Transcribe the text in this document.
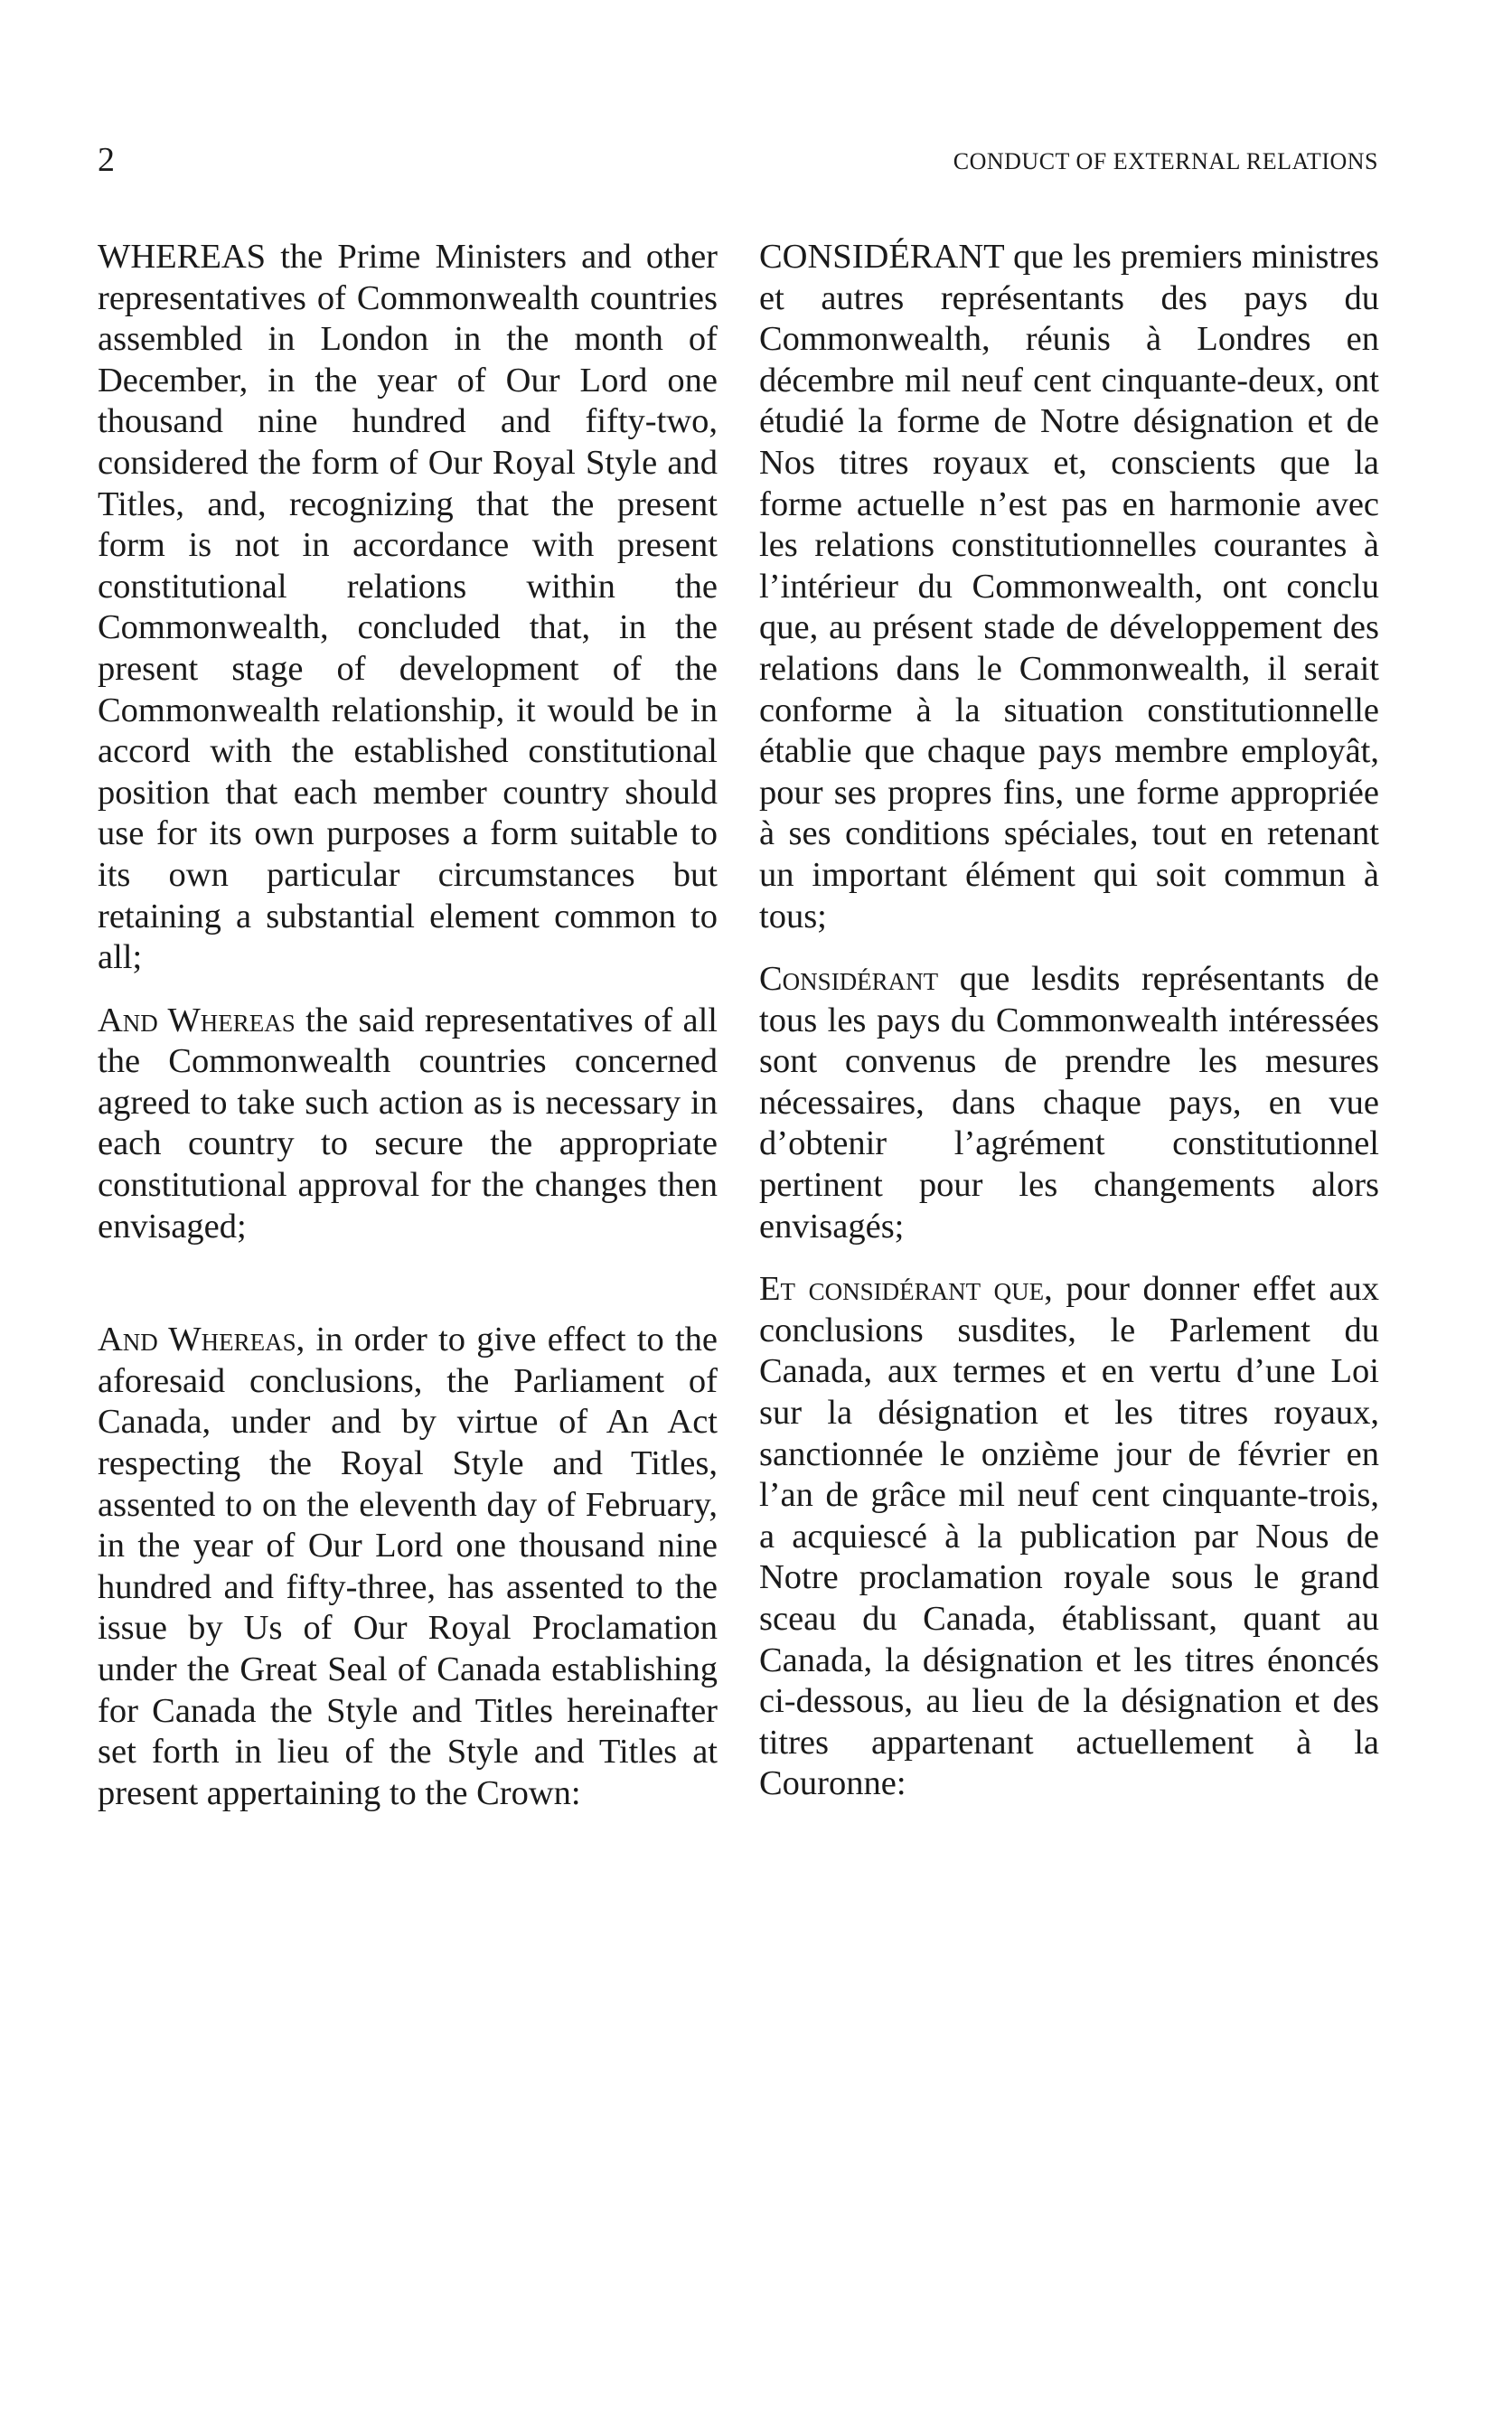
2	CONDUCT OF EXTERNAL RELATIONS

WHEREAS the Prime Ministers and other representatives of Commonwealth countries assembled in London in the month of December, in the year of Our Lord one thousand nine hundred and fifty-two, considered the form of Our Royal Style and Titles, and, recognizing that the present form is not in accordance with present constitutional relations within the Commonwealth, concluded that, in the present stage of development of the Commonwealth relationship, it would be in accord with the established constitutional position that each member country should use for its own purposes a form suitable to its own particular circumstances but retaining a substantial element common to all;

And Whereas the said representatives of all the Commonwealth countries concerned agreed to take such action as is necessary in each country to secure the appropriate constitutional approval for the changes then envisaged;

And Whereas, in order to give effect to the aforesaid conclusions, the Parliament of Canada, under and by virtue of An Act respecting the Royal Style and Titles, assented to on the eleventh day of February, in the year of Our Lord one thousand nine hundred and fifty-three, has assented to the issue by Us of Our Royal Proclamation under the Great Seal of Canada establishing for Canada the Style and Titles hereinafter set forth in lieu of the Style and Titles at present appertaining to the Crown:

CONSIDÉRANT que les premiers ministres et autres représentants des pays du Commonwealth, réunis à Londres en décembre mil neuf cent cinquante-deux, ont étudié la forme de Notre désignation et de Nos titres royaux et, conscients que la forme actuelle n’est pas en harmonie avec les relations constitutionnelles courantes à l’intérieur du Commonwealth, ont conclu que, au présent stade de développement des relations dans le Commonwealth, il serait conforme à la situation constitutionnelle établie que chaque pays membre employât, pour ses propres fins, une forme appropriée à ses conditions spéciales, tout en retenant un important élément qui soit commun à tous;

Considérant que lesdits représentants de tous les pays du Commonwealth intéressées sont convenus de prendre les mesures nécessaires, dans chaque pays, en vue d’obtenir l’agrément constitutionnel pertinent pour les changements alors envisagés;

Et considérant que, pour donner effet aux conclusions susdites, le Parlement du Canada, aux termes et en vertu d’une Loi sur la désignation et les titres royaux, sanctionnée le onzième jour de février en l’an de grâce mil neuf cent cinquante-trois, a acquiescé à la publication par Nous de Notre proclamation royale sous le grand sceau du Canada, établissant, quant au Canada, la désignation et les titres énoncés ci-dessous, au lieu de la désignation et des titres appartenant actuellement à la Couronne:
